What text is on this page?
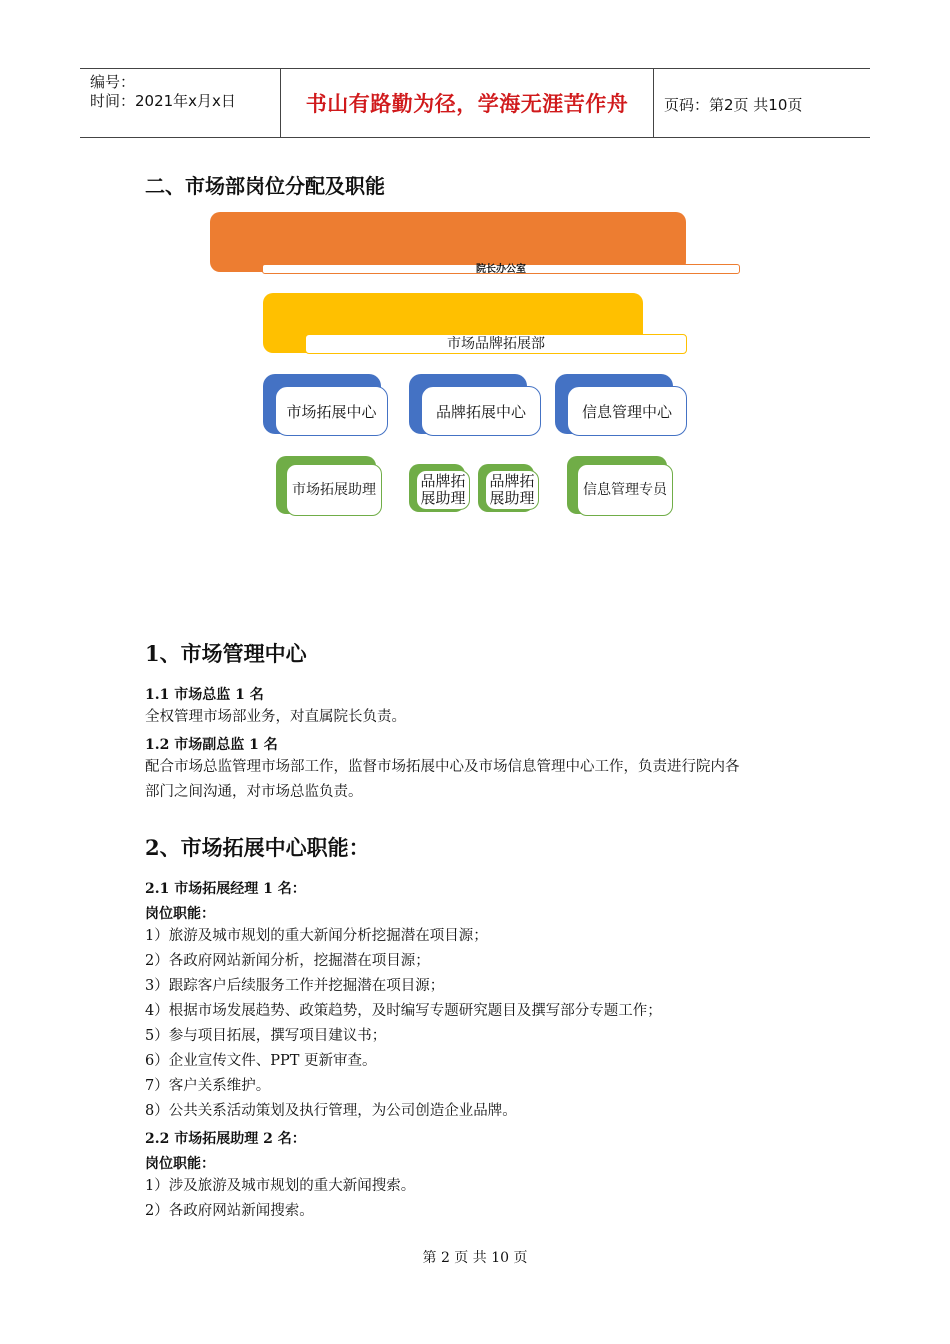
编号：
时间：2021年x月x日	书山有路勤为径，学海无涯苦作舟	页码：第2页 共10页
二、市场部岗位分配及职能
院长办公室
市场品牌拓展部
市场拓展中心	品牌拓展中心	信息管理中心
市场拓展助理	品牌拓展助理
品牌拓展助理	信息管理专员
1、市场管理中心
1.1 市场总监 1 名
全权管理市场部业务，对直属院长负责。
1.2 市场副总监 1 名
配合市场总监管理市场部工作，监督市场拓展中心及市场信息管理中心工作，负责进行院内各
部门之间沟通，对市场总监负责。
2、市场拓展中心职能：
2.1 市场拓展经理 1 名：
岗位职能：
1）旅游及城市规划的重大新闻分析挖掘潜在项目源；
2）各政府网站新闻分析，挖掘潜在项目源；
3）跟踪客户后续服务工作并挖掘潜在项目源；
4）根据市场发展趋势、政策趋势，及时编写专题研究题目及撰写部分专题工作；
5）参与项目拓展，撰写项目建议书；
6）企业宣传文件、PPT 更新审查。
7）客户关系维护。
8）公共关系活动策划及执行管理，为公司创造企业品牌。
2.2 市场拓展助理 2 名：
岗位职能：
1）涉及旅游及城市规划的重大新闻搜索。
2）各政府网站新闻搜索。
第 2 页 共 10 页
